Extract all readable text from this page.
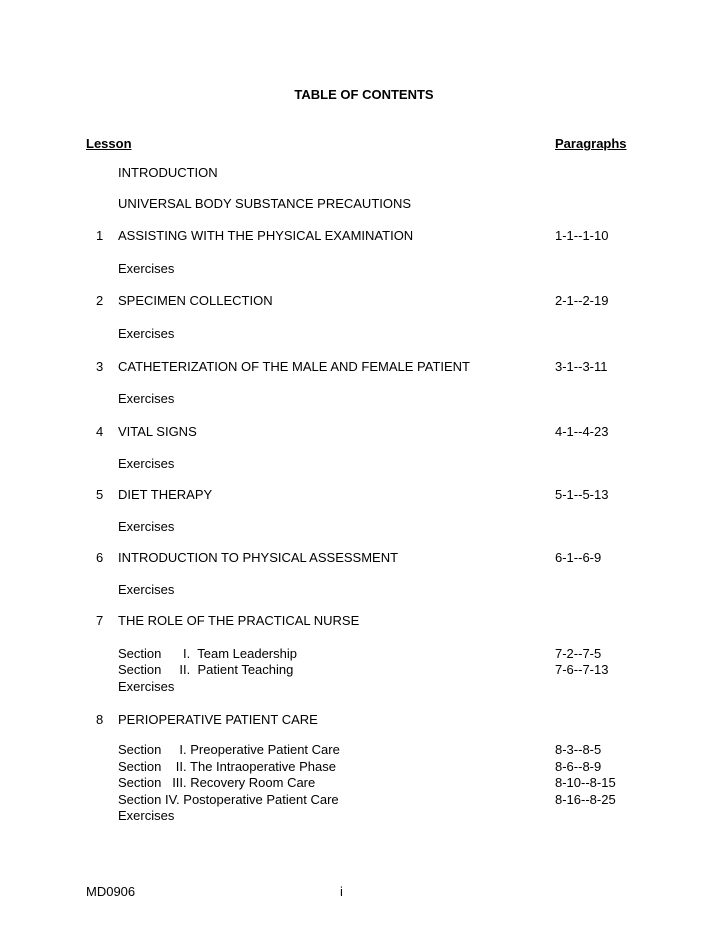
TABLE OF CONTENTS
Lesson	Paragraphs
INTRODUCTION
UNIVERSAL BODY SUBSTANCE PRECAUTIONS
1	ASSISTING WITH THE PHYSICAL EXAMINATION	1-1--1-10
Exercises
2	SPECIMEN COLLECTION	2-1--2-19
Exercises
3	CATHETERIZATION OF THE MALE AND FEMALE PATIENT	3-1--3-11
Exercises
4	VITAL SIGNS	4-1--4-23
Exercises
5	DIET THERAPY	5-1--5-13
Exercises
6	INTRODUCTION TO PHYSICAL ASSESSMENT	6-1--6-9
Exercises
7	THE ROLE OF THE PRACTICAL NURSE
Section      I.  Team Leadership	7-2--7-5
Section     II.  Patient Teaching	7-6--7-13
Exercises
8	PERIOPERATIVE PATIENT CARE
Section     I. Preoperative Patient Care	8-3--8-5
Section    II. The Intraoperative Phase	8-6--8-9
Section   III. Recovery Room Care	8-10--8-15
Section IV. Postoperative Patient Care	8-16--8-25
Exercises
MD0906	i
